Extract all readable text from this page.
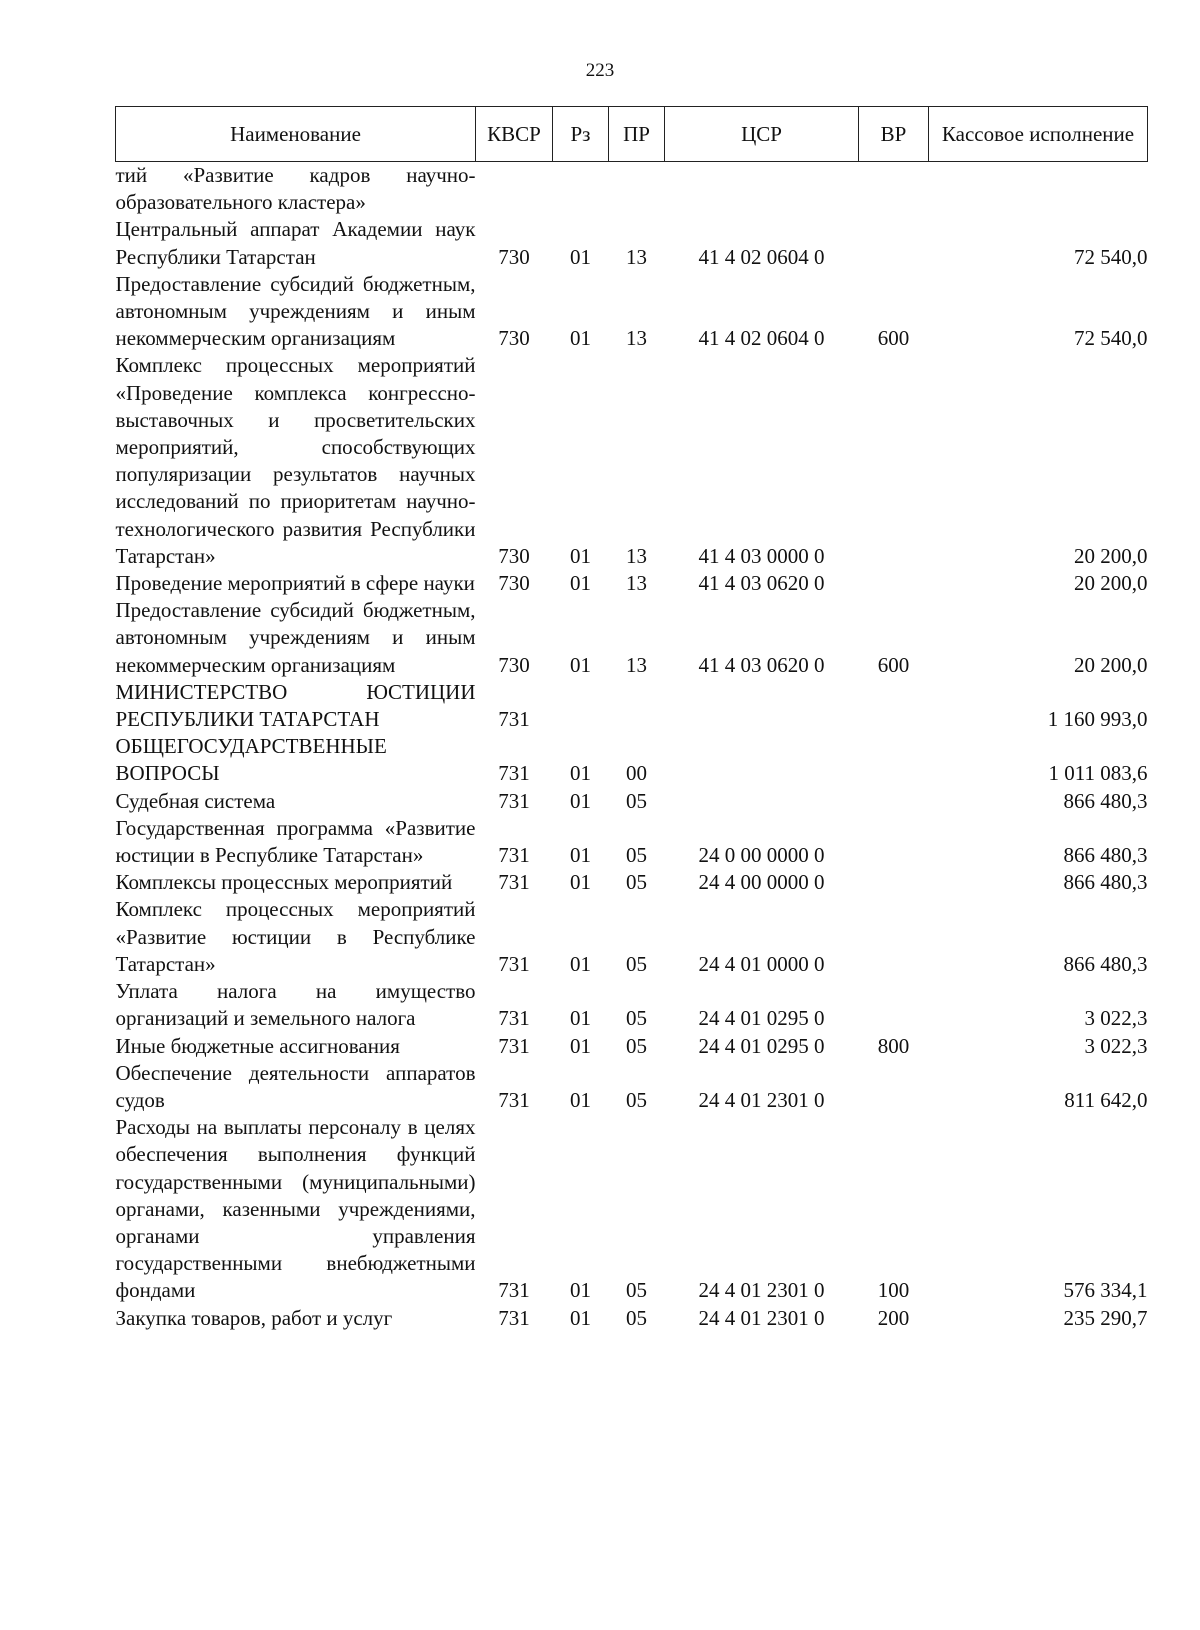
223
Наименование	КВСР	Рз	ПР	ЦСР	ВР	Кассовое исполнение
тий «Развитие кадров научно-образовательного кластера»						
Центральный аппарат Академии наук Республики Татарстан	730	01	13	41 4 02 0604 0		72 540,0
Предоставление субсидий бюджетным, автономным учреждениям и иным некоммерческим организациям	730	01	13	41 4 02 0604 0	600	72 540,0
Комплекс процессных мероприятий «Проведение комплекса конгрессно-выставочных и просветительских мероприятий, способствующих популяризации результатов научных исследований по приоритетам научно-технологического развития Республики Татарстан»	730	01	13	41 4 03 0000 0		20 200,0
Проведение мероприятий в сфере науки	730	01	13	41 4 03 0620 0		20 200,0
Предоставление субсидий бюджетным, автономным учреждениям и иным некоммерческим организациям	730	01	13	41 4 03 0620 0	600	20 200,0
МИНИСТЕРСТВО ЮСТИЦИИ РЕСПУБЛИКИ ТАТАРСТАН	731					1 160 993,0
ОБЩЕГОСУДАРСТВЕННЫЕ ВОПРОСЫ	731	01	00			1 011 083,6
Судебная система	731	01	05			866 480,3
Государственная программа «Развитие юстиции в Республике Татарстан»	731	01	05	24 0 00 0000 0		866 480,3
Комплексы процессных мероприятий	731	01	05	24 4 00 0000 0		866 480,3
Комплекс процессных мероприятий «Развитие юстиции в Республике Татарстан»	731	01	05	24 4 01 0000 0		866 480,3
Уплата налога на имущество организаций и земельного налога	731	01	05	24 4 01 0295 0		3 022,3
Иные бюджетные ассигнования	731	01	05	24 4 01 0295 0	800	3 022,3
Обеспечение деятельности аппаратов судов	731	01	05	24 4 01 2301 0		811 642,0
Расходы на выплаты персоналу в целях обеспечения выполнения функций государственными (муниципальными) органами, казенными учреждениями, органами управления государственными внебюджетными фондами	731	01	05	24 4 01 2301 0	100	576 334,1
Закупка товаров, работ и услуг	731	01	05	24 4 01 2301 0	200	235 290,7
